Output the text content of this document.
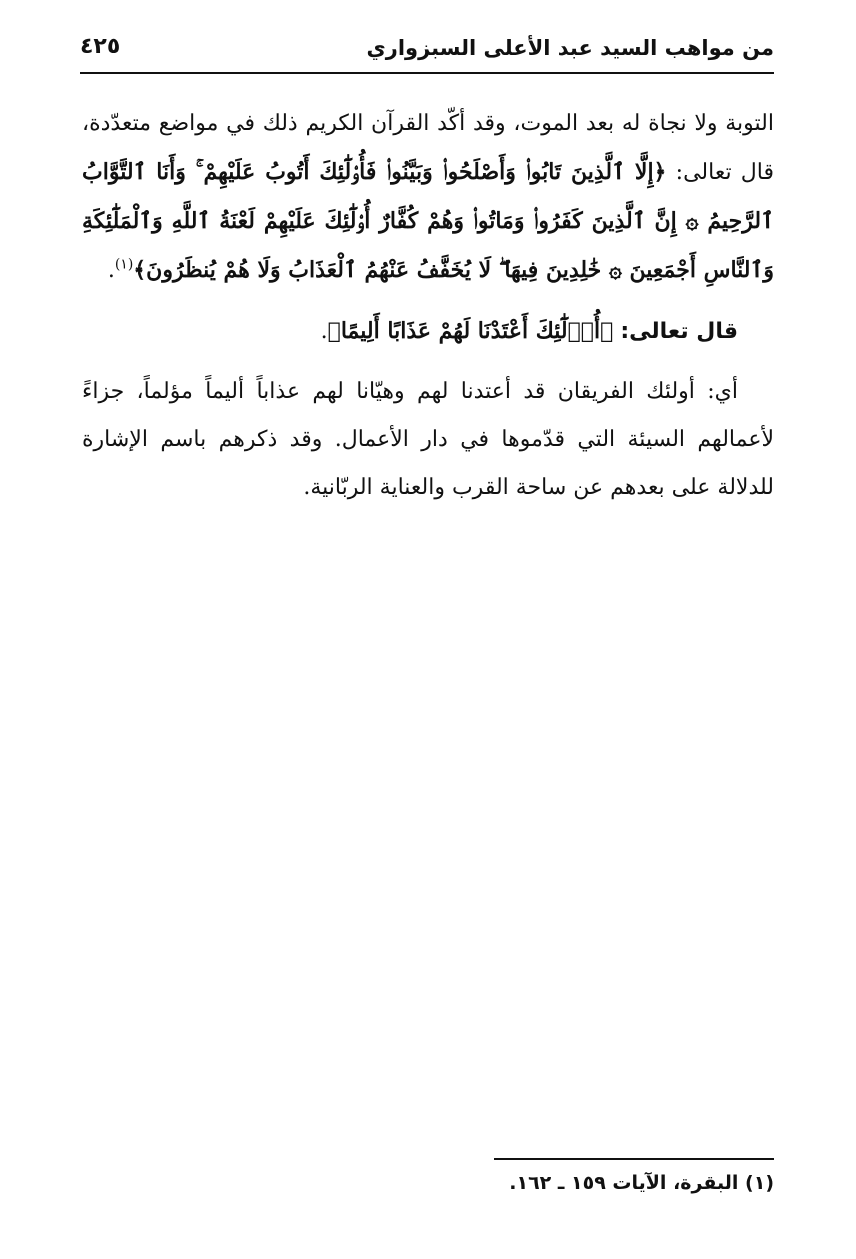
من مواهب السيد عبد الأعلى السبزواري
٤٢٥

التوبة ولا نجاة له بعد الموت، وقد أكّد القرآن الكريم ذلك في مواضع متعدّدة، قال تعالى: ﴿إِلَّا ٱلَّذِينَ تَابُوا۟ وَأَصْلَحُوا۟ وَبَيَّنُوا۟ فَأُو۟لَٰٓئِكَ أَتُوبُ عَلَيْهِمْ ۚ وَأَنَا ٱلتَّوَّابُ ٱلرَّحِيمُ ۞ إِنَّ ٱلَّذِينَ كَفَرُوا۟ وَمَاتُوا۟ وَهُمْ كُفَّارٌ أُو۟لَٰٓئِكَ عَلَيْهِمْ لَعْنَةُ ٱللَّهِ وَٱلْمَلَٰٓئِكَةِ وَٱلنَّاسِ أَجْمَعِينَ ۞ خَٰلِدِينَ فِيهَا ۖ لَا يُخَفَّفُ عَنْهُمُ ٱلْعَذَابُ وَلَا هُمْ يُنظَرُونَ﴾$^{(١)}$.

قال تعالى: ﴿أُو۟لَٰٓئِكَ أَعْتَدْنَا لَهُمْ عَذَابًا أَلِيمًا﴾.

أي: أولئك الفريقان قد أعتدنا لهم وهيّانا لهم عذاباً أليماً مؤلماً، جزاءً لأعمالهم السيئة التي قدّموها في دار الأعمال. وقد ذكرهم باسم الإشارة للدلالة على بعدهم عن ساحة القرب والعناية الربّانية.

(١) البقرة، الآيات ١٥٩ ـ ١٦٢.
